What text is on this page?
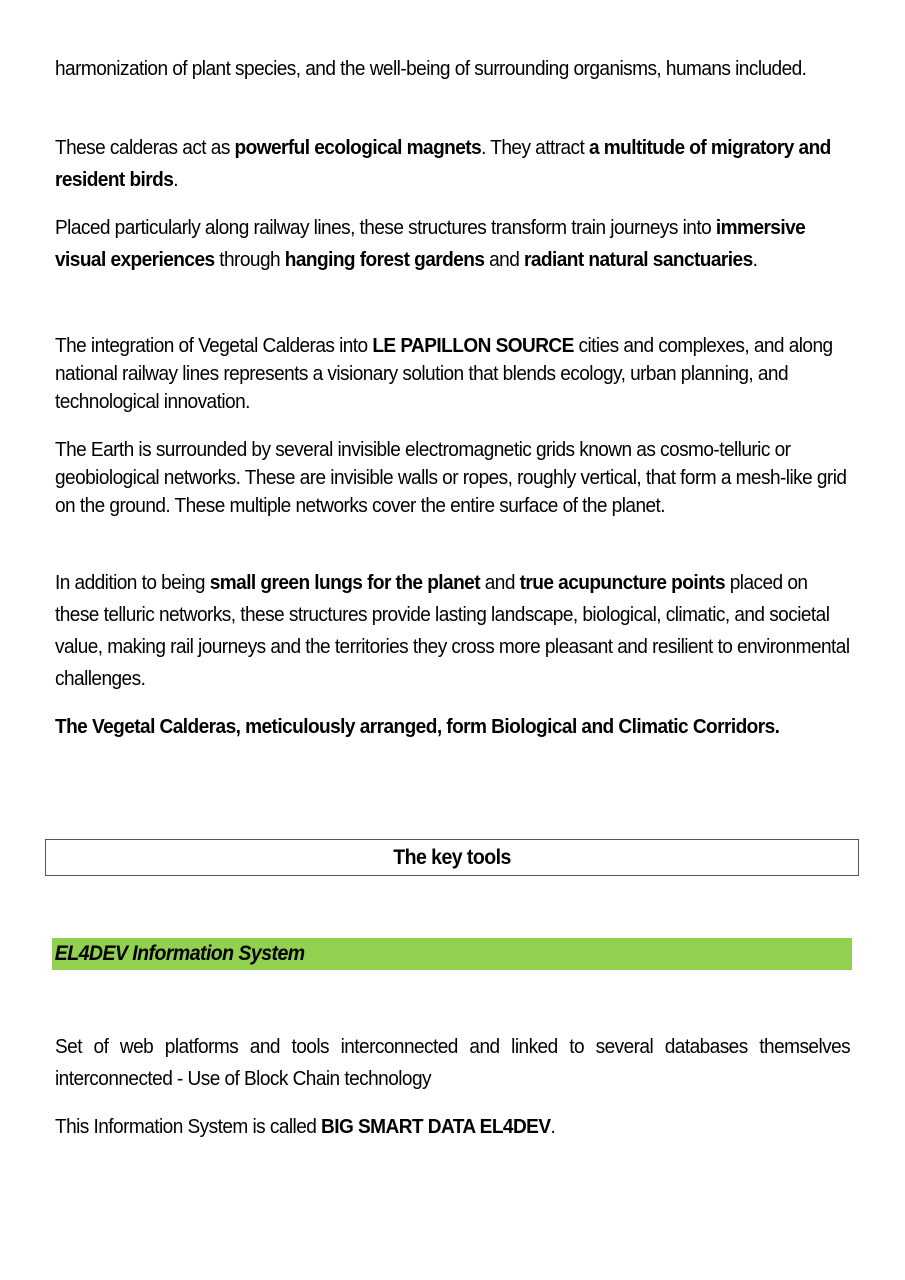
harmonization of plant species, and the well-being of surrounding organisms, humans included.

These calderas act as powerful ecological magnets. They attract a multitude of migratory and resident birds.

Placed particularly along railway lines, these structures transform train journeys into immersive visual experiences through hanging forest gardens and radiant natural sanctuaries.

The integration of Vegetal Calderas into LE PAPILLON SOURCE cities and complexes, and along national railway lines represents a visionary solution that blends ecology, urban planning, and technological innovation.

The Earth is surrounded by several invisible electromagnetic grids known as cosmo-telluric or geobiological networks. These are invisible walls or ropes, roughly vertical, that form a mesh-like grid on the ground. These multiple networks cover the entire surface of the planet.

In addition to being small green lungs for the planet and true acupuncture points placed on these telluric networks, these structures provide lasting landscape, biological, climatic, and societal value, making rail journeys and the territories they cross more pleasant and resilient to environmental challenges.

The Vegetal Calderas, meticulously arranged, form Biological and Climatic Corridors.

The key tools
EL4DEV Information System

Set of web platforms and tools interconnected and linked to several databases themselves interconnected - Use of Block Chain technology

This Information System is called BIG SMART DATA EL4DEV.
